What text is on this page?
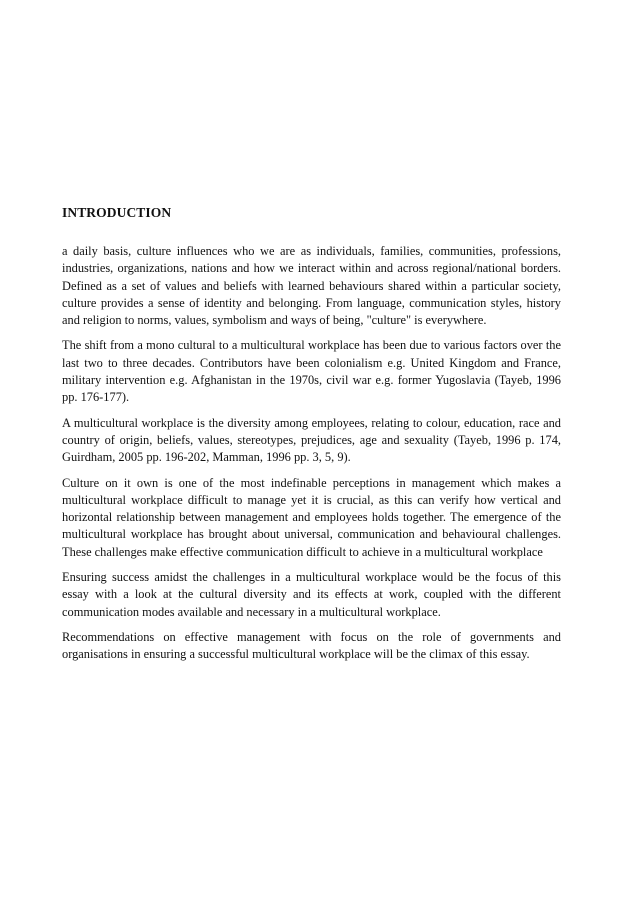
INTRODUCTION

a daily basis, culture influences who we are as individuals, families, communities, professions, industries, organizations, nations and how we interact within and across regional/national borders. Defined as a set of values and beliefs with learned behaviours shared within a particular society, culture provides a sense of identity and belonging. From language, communication styles, history and religion to norms, values, symbolism and ways of being, "culture" is everywhere.

The shift from a mono cultural to a multicultural workplace has been due to various factors over the last two to three decades. Contributors have been colonialism e.g. United Kingdom and France, military intervention e.g. Afghanistan in the 1970s, civil war e.g. former Yugoslavia (Tayeb, 1996 pp. 176-177).

A multicultural workplace is the diversity among employees, relating to colour, education, race and country of origin, beliefs, values, stereotypes, prejudices, age and sexuality (Tayeb, 1996 p. 174, Guirdham, 2005 pp. 196-202, Mamman, 1996 pp. 3, 5, 9).

Culture on it own is one of the most indefinable perceptions in management which makes a multicultural workplace difficult to manage yet it is crucial, as this can verify how vertical and horizontal relationship between management and employees holds together. The emergence of the multicultural workplace has brought about universal, communication and behavioural challenges. These challenges make effective communication difficult to achieve in a multicultural workplace

Ensuring success amidst the challenges in a multicultural workplace would be the focus of this essay with a look at the cultural diversity and its effects at work, coupled with the different communication modes available and necessary in a multicultural workplace.

Recommendations on effective management with focus on the role of governments and organisations in ensuring a successful multicultural workplace will be the climax of this essay.
